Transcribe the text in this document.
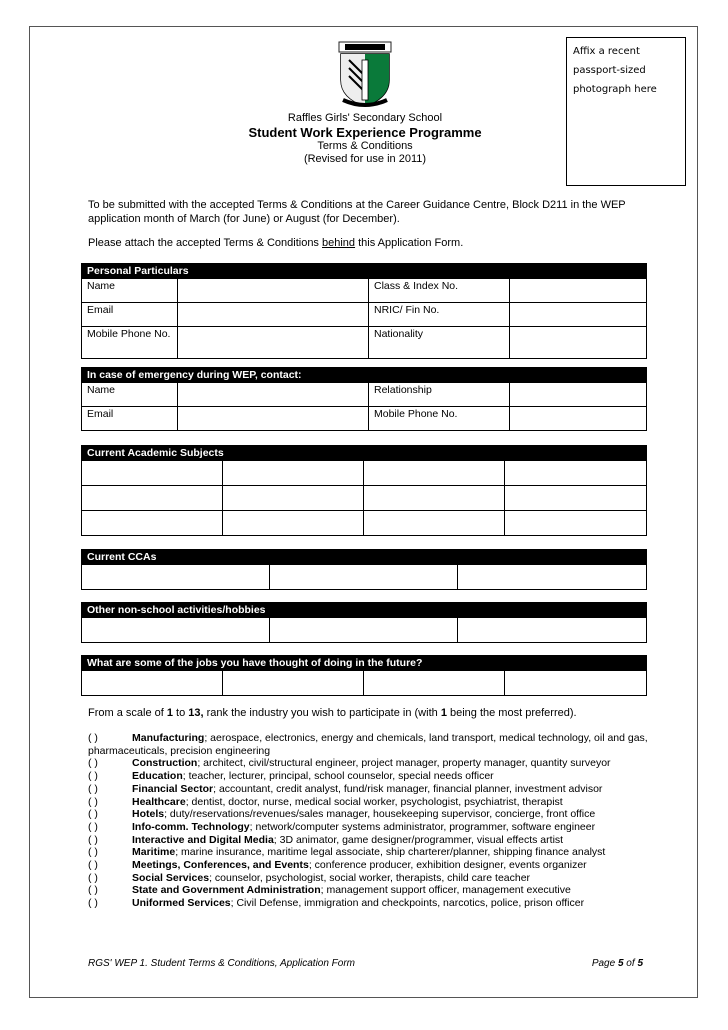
Affix a recent passport-sized photograph here
Raffles Girls' Secondary School
Student Work Experience Programme
Terms & Conditions
(Revised for use in 2011)
To be submitted with the accepted Terms & Conditions at the Career Guidance Centre, Block D211 in the WEP application month of March (for June) or August (for December).
Please attach the accepted Terms & Conditions behind this Application Form.
Personal Particulars			
Name		Class & Index No.	
Email		NRIC/ Fin No.	
Mobile Phone No.		Nationality	
In case of emergency during WEP, contact:			
Name		Relationship	
Email		Mobile Phone No.	
Current Academic Subjects			

Current CCAs

Other non-school activities/hobbies

What are some of the jobs you have thought of doing in the future?

From a scale of 1 to 13, rank the industry you wish to participate in (with 1 being the most preferred).
( )	Manufacturing; aerospace, electronics, energy and chemicals, land transport, medical technology, oil and gas, pharmaceuticals, precision engineering
( )	Construction; architect, civil/structural engineer, project manager, property manager, quantity surveyor
( )	Education; teacher, lecturer, principal, school counselor, special needs officer
( )	Financial Sector; accountant, credit analyst, fund/risk manager, financial planner, investment advisor
( )	Healthcare; dentist, doctor, nurse, medical social worker, psychologist, psychiatrist, therapist
( )	Hotels; duty/reservations/revenues/sales manager, housekeeping supervisor, concierge, front office
( )	Info-comm. Technology; network/computer systems administrator, programmer, software engineer
( )	Interactive and Digital Media; 3D animator, game designer/programmer, visual effects artist
( )	Maritime; marine insurance, maritime legal associate, ship charterer/planner, shipping finance analyst
( )	Meetings, Conferences, and Events; conference producer, exhibition designer, events organizer
( )	Social Services; counselor, psychologist, social worker, therapists, child care teacher
( )	State and Government Administration; management support officer, management executive
( )	Uniformed Services; Civil Defense, immigration and checkpoints, narcotics, police, prison officer
RGS' WEP 1. Student Terms & Conditions, Application Form	Page 5 of 5
